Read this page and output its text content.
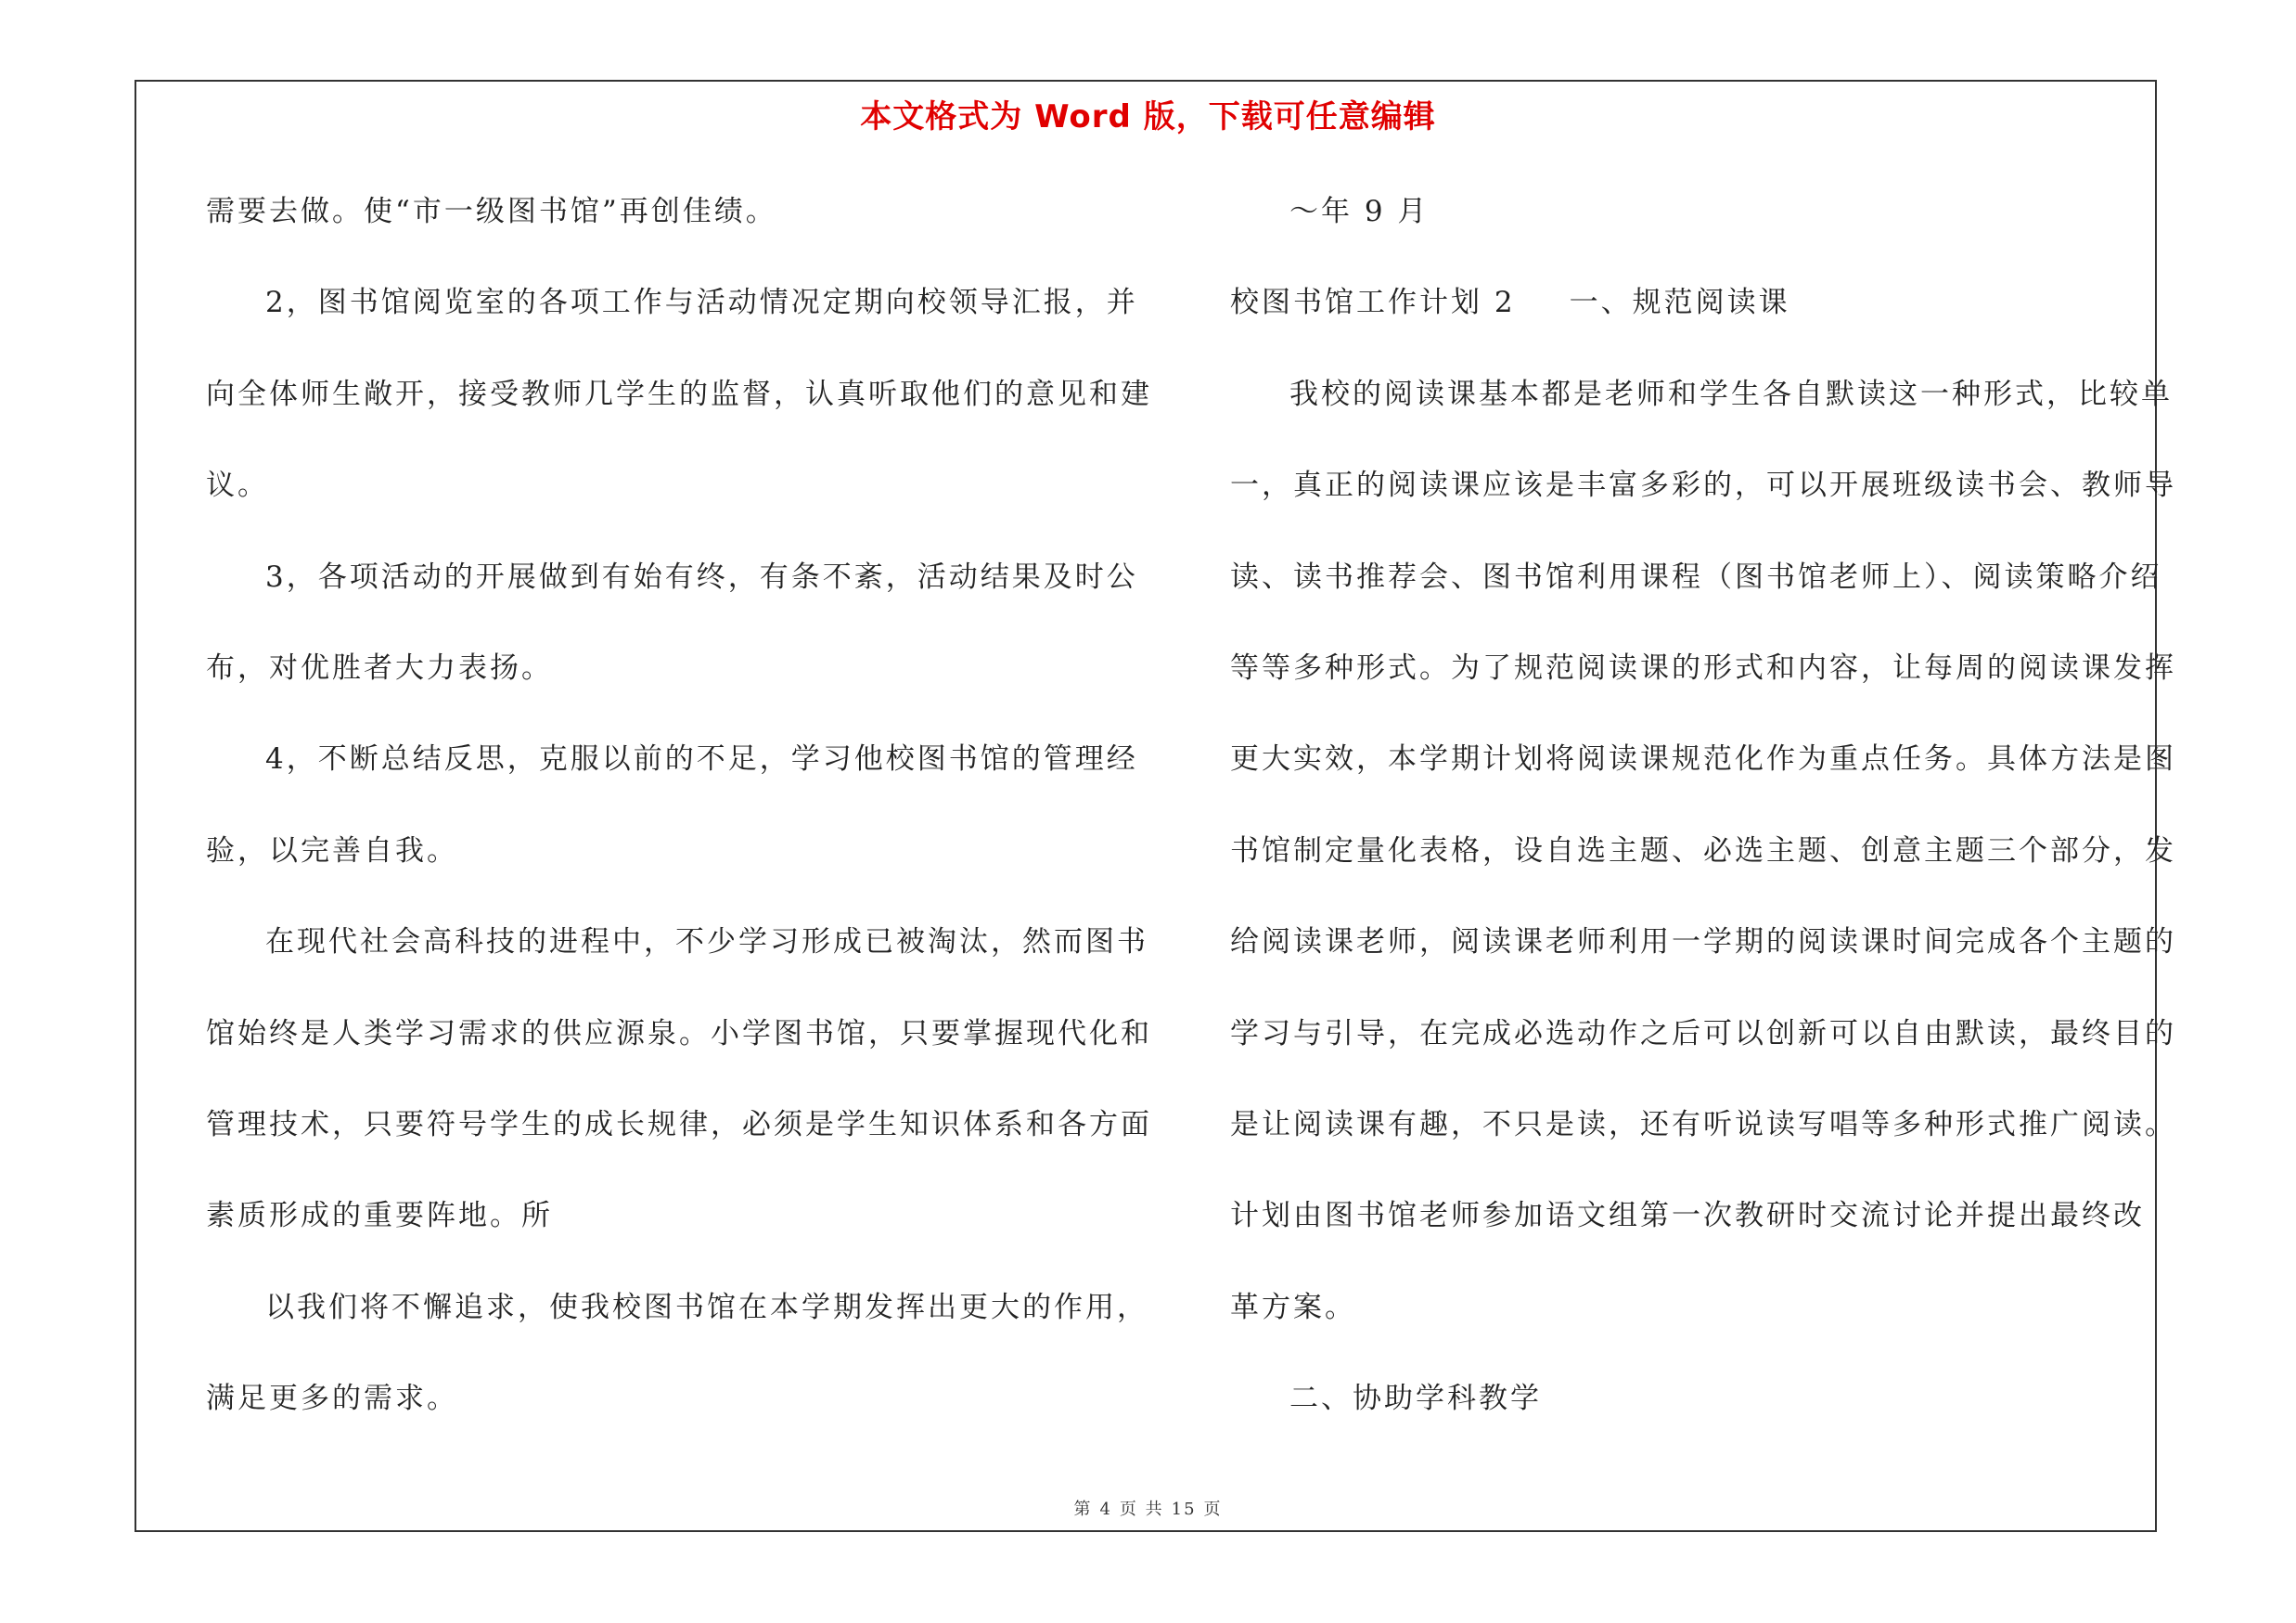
本文格式为 Word 版，下载可任意编辑
需要去做。使“市一级图书馆”再创佳绩。
2，图书馆阅览室的各项工作与活动情况定期向校领导汇报，并
向全体师生敞开，接受教师几学生的监督，认真听取他们的意见和建
议。
3，各项活动的开展做到有始有终，有条不紊，活动结果及时公
布，对优胜者大力表扬。
4，不断总结反思，克服以前的不足，学习他校图书馆的管理经
验，以完善自我。
在现代社会高科技的进程中，不少学习形成已被淘汰，然而图书
馆始终是人类学习需求的供应源泉。小学图书馆，只要掌握现代化和
管理技术，只要符号学生的成长规律，必须是学生知识体系和各方面
素质形成的重要阵地。所
以我们将不懈追求，使我校图书馆在本学期发挥出更大的作用，
满足更多的需求。
～年 9 月
校图书馆工作计划 2 一、规范阅读课
我校的阅读课基本都是老师和学生各自默读这一种形式，比较单
一，真正的阅读课应该是丰富多彩的，可以开展班级读书会、教师导
读、读书推荐会、图书馆利用课程（图书馆老师上）、阅读策略介绍
等等多种形式。为了规范阅读课的形式和内容，让每周的阅读课发挥
更大实效，本学期计划将阅读课规范化作为重点任务。具体方法是图
书馆制定量化表格，设自选主题、必选主题、创意主题三个部分，发
给阅读课老师，阅读课老师利用一学期的阅读课时间完成各个主题的
学习与引导，在完成必选动作之后可以创新可以自由默读，最终目的
是让阅读课有趣，不只是读，还有听说读写唱等多种形式推广阅读。
计划由图书馆老师参加语文组第一次教研时交流讨论并提出最终改
革方案。
二、协助学科教学
第 4 页 共 15 页
